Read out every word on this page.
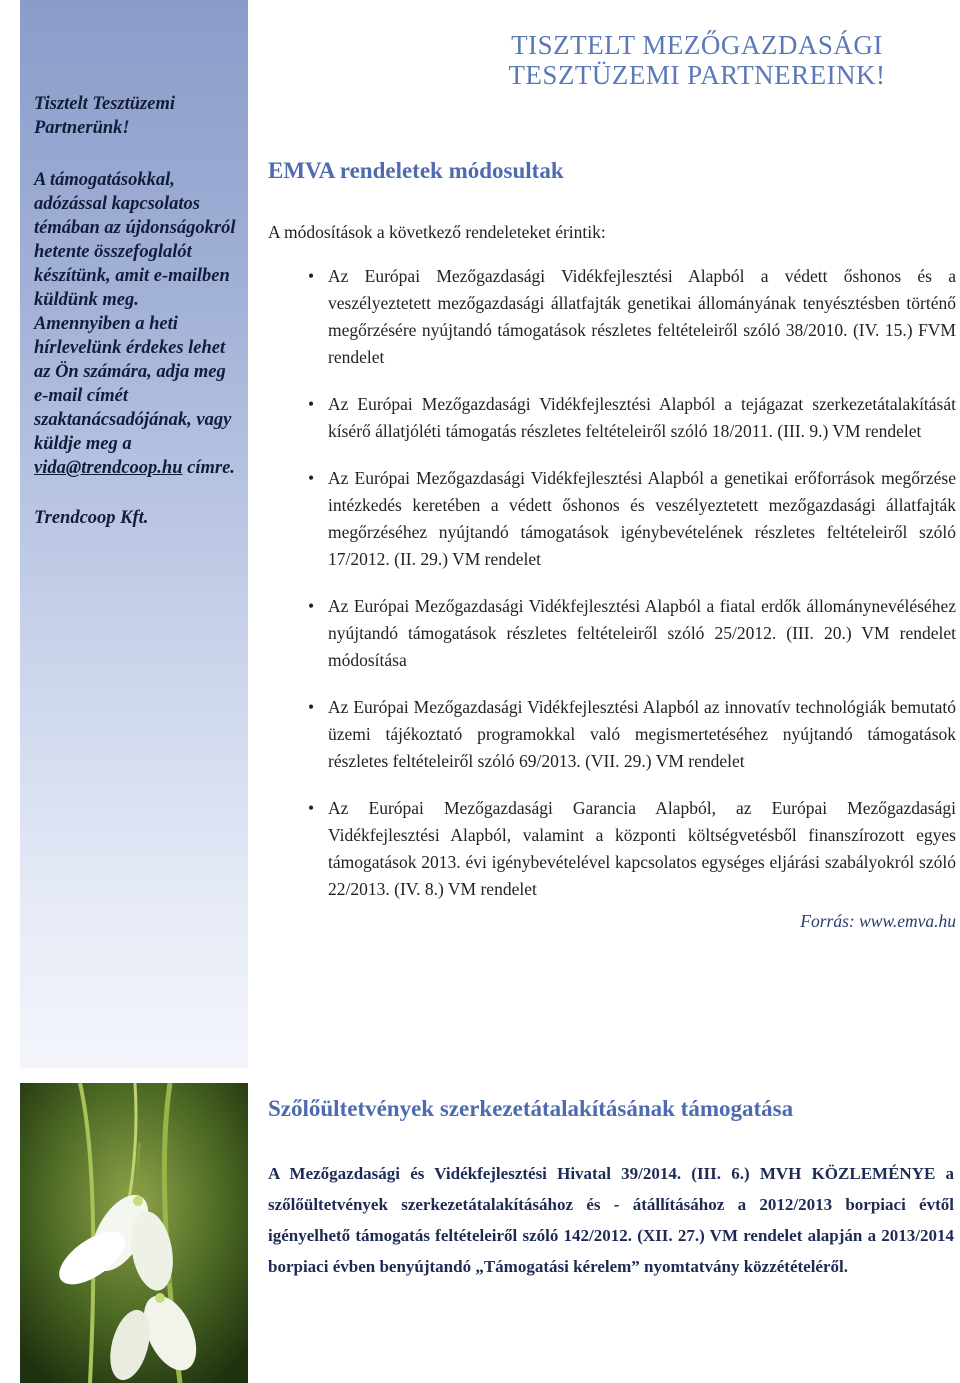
Tisztelt Tesztüzemi Partnerünk!

A támogatásokkal, adózással kapcsolatos témában az újdonságokról hetente összefoglalót készítünk, amit e-mailben küldünk meg. Amennyiben a heti hírlevelünk érdekes lehet az Ön számára, adja meg e-mail címét szaktanácsadójának, vagy küldje meg a vida@trendcoop.hu címre.

Trendcoop Kft.

TISZTELT MEZŐGAZDASÁGI
TESZTÜZEMI PARTNEREINK!
EMVA rendeletek módosultak

A módosítások a következő rendeleteket érintik:

• Az Európai Mezőgazdasági Vidékfejlesztési Alapból a védett őshonos és a veszélyeztetett mezőgazdasági állatfajták genetikai állományának tenyésztésben történő megőrzésére nyújtandó támogatások részletes feltételeiről szóló 38/2010. (IV. 15.) FVM rendelet
• Az Európai Mezőgazdasági Vidékfejlesztési Alapból a tejágazat szerkezetátalakítását kísérő állatjóléti támogatás részletes feltételeiről szóló 18/2011. (III. 9.) VM rendelet
• Az Európai Mezőgazdasági Vidékfejlesztési Alapból a genetikai erőforrások megőrzése intézkedés keretében a védett őshonos és veszélyeztetett mezőgazdasági állatfajták megőrzéséhez nyújtandó támogatások igénybevételének részletes feltételeiről szóló 17/2012. (II. 29.) VM rendelet
• Az Európai Mezőgazdasági Vidékfejlesztési Alapból a fiatal erdők állománynevéléséhez nyújtandó támogatások részletes feltételeiről szóló 25/2012. (III. 20.) VM rendelet módosítása
• Az Európai Mezőgazdasági Vidékfejlesztési Alapból az innovatív technológiák bemutató üzemi tájékoztató programokkal való megismertetéséhez nyújtandó támogatások részletes feltételeiről szóló 69/2013. (VII. 29.) VM rendelet
• Az Európai Mezőgazdasági Garancia Alapból, az Európai Mezőgazdasági Vidékfejlesztési Alapból, valamint a központi költségvetésből finanszírozott egyes támogatások 2013. évi igénybevételével kapcsolatos egységes eljárási szabályokról szóló 22/2013. (IV. 8.) VM rendelet

Forrás: www.emva.hu

Szőlőültetvények szerkezetátalakításának támogatása

A Mezőgazdasági és Vidékfejlesztési Hivatal 39/2014. (III. 6.) MVH KÖZLEMÉNYE a szőlőültetvények szerkezetátalakításához és - átállításához a 2012/2013 borpiaci évtől igényelhető támogatás feltételeiről szóló 142/2012. (XII. 27.) VM rendelet alapján a 2013/2014 borpiaci évben benyújtandó „Támogatási kérelem” nyomtatvány közzétételéről.
